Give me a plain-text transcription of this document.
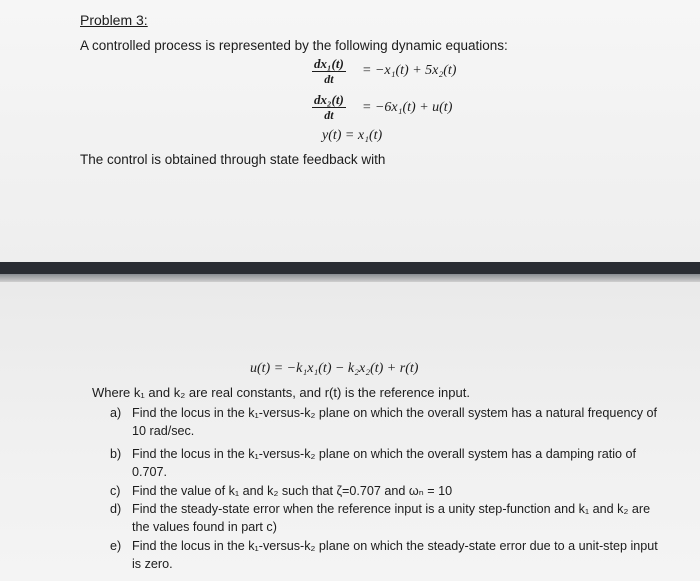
Problem 3:
A controlled process is represented by the following dynamic equations:
$\frac{\text{dx₁(t)}}{dt} = -x_1(t) + 5x_2(t)$
$\frac{\text{dx₂(t)}}{dt} = -6x_1(t) + u(t)$
y(t) = x₁(t)
The control is obtained through state feedback with
u(t) = −k₁x₁(t) − k₂x₂(t) + r(t)
Where k₁ and k₂ are real constants, and r(t) is the reference input.
a) Find the locus in the k₁-versus-k₂ plane on which the overall system has a natural frequency of
10 rad/sec.
b) Find the locus in the k₁-versus-k₂ plane on which the overall system has a damping ratio of
0.707.
c) Find the value of k₁ and k₂ such that ζ=0.707 and ωₙ = 10
d) Find the steady-state error when the reference input is a unity step-function and k₁ and k₂ are
the values found in part c)
e) Find the locus in the k₁-versus-k₂ plane on which the steady-state error due to a unit-step input
is zero.
